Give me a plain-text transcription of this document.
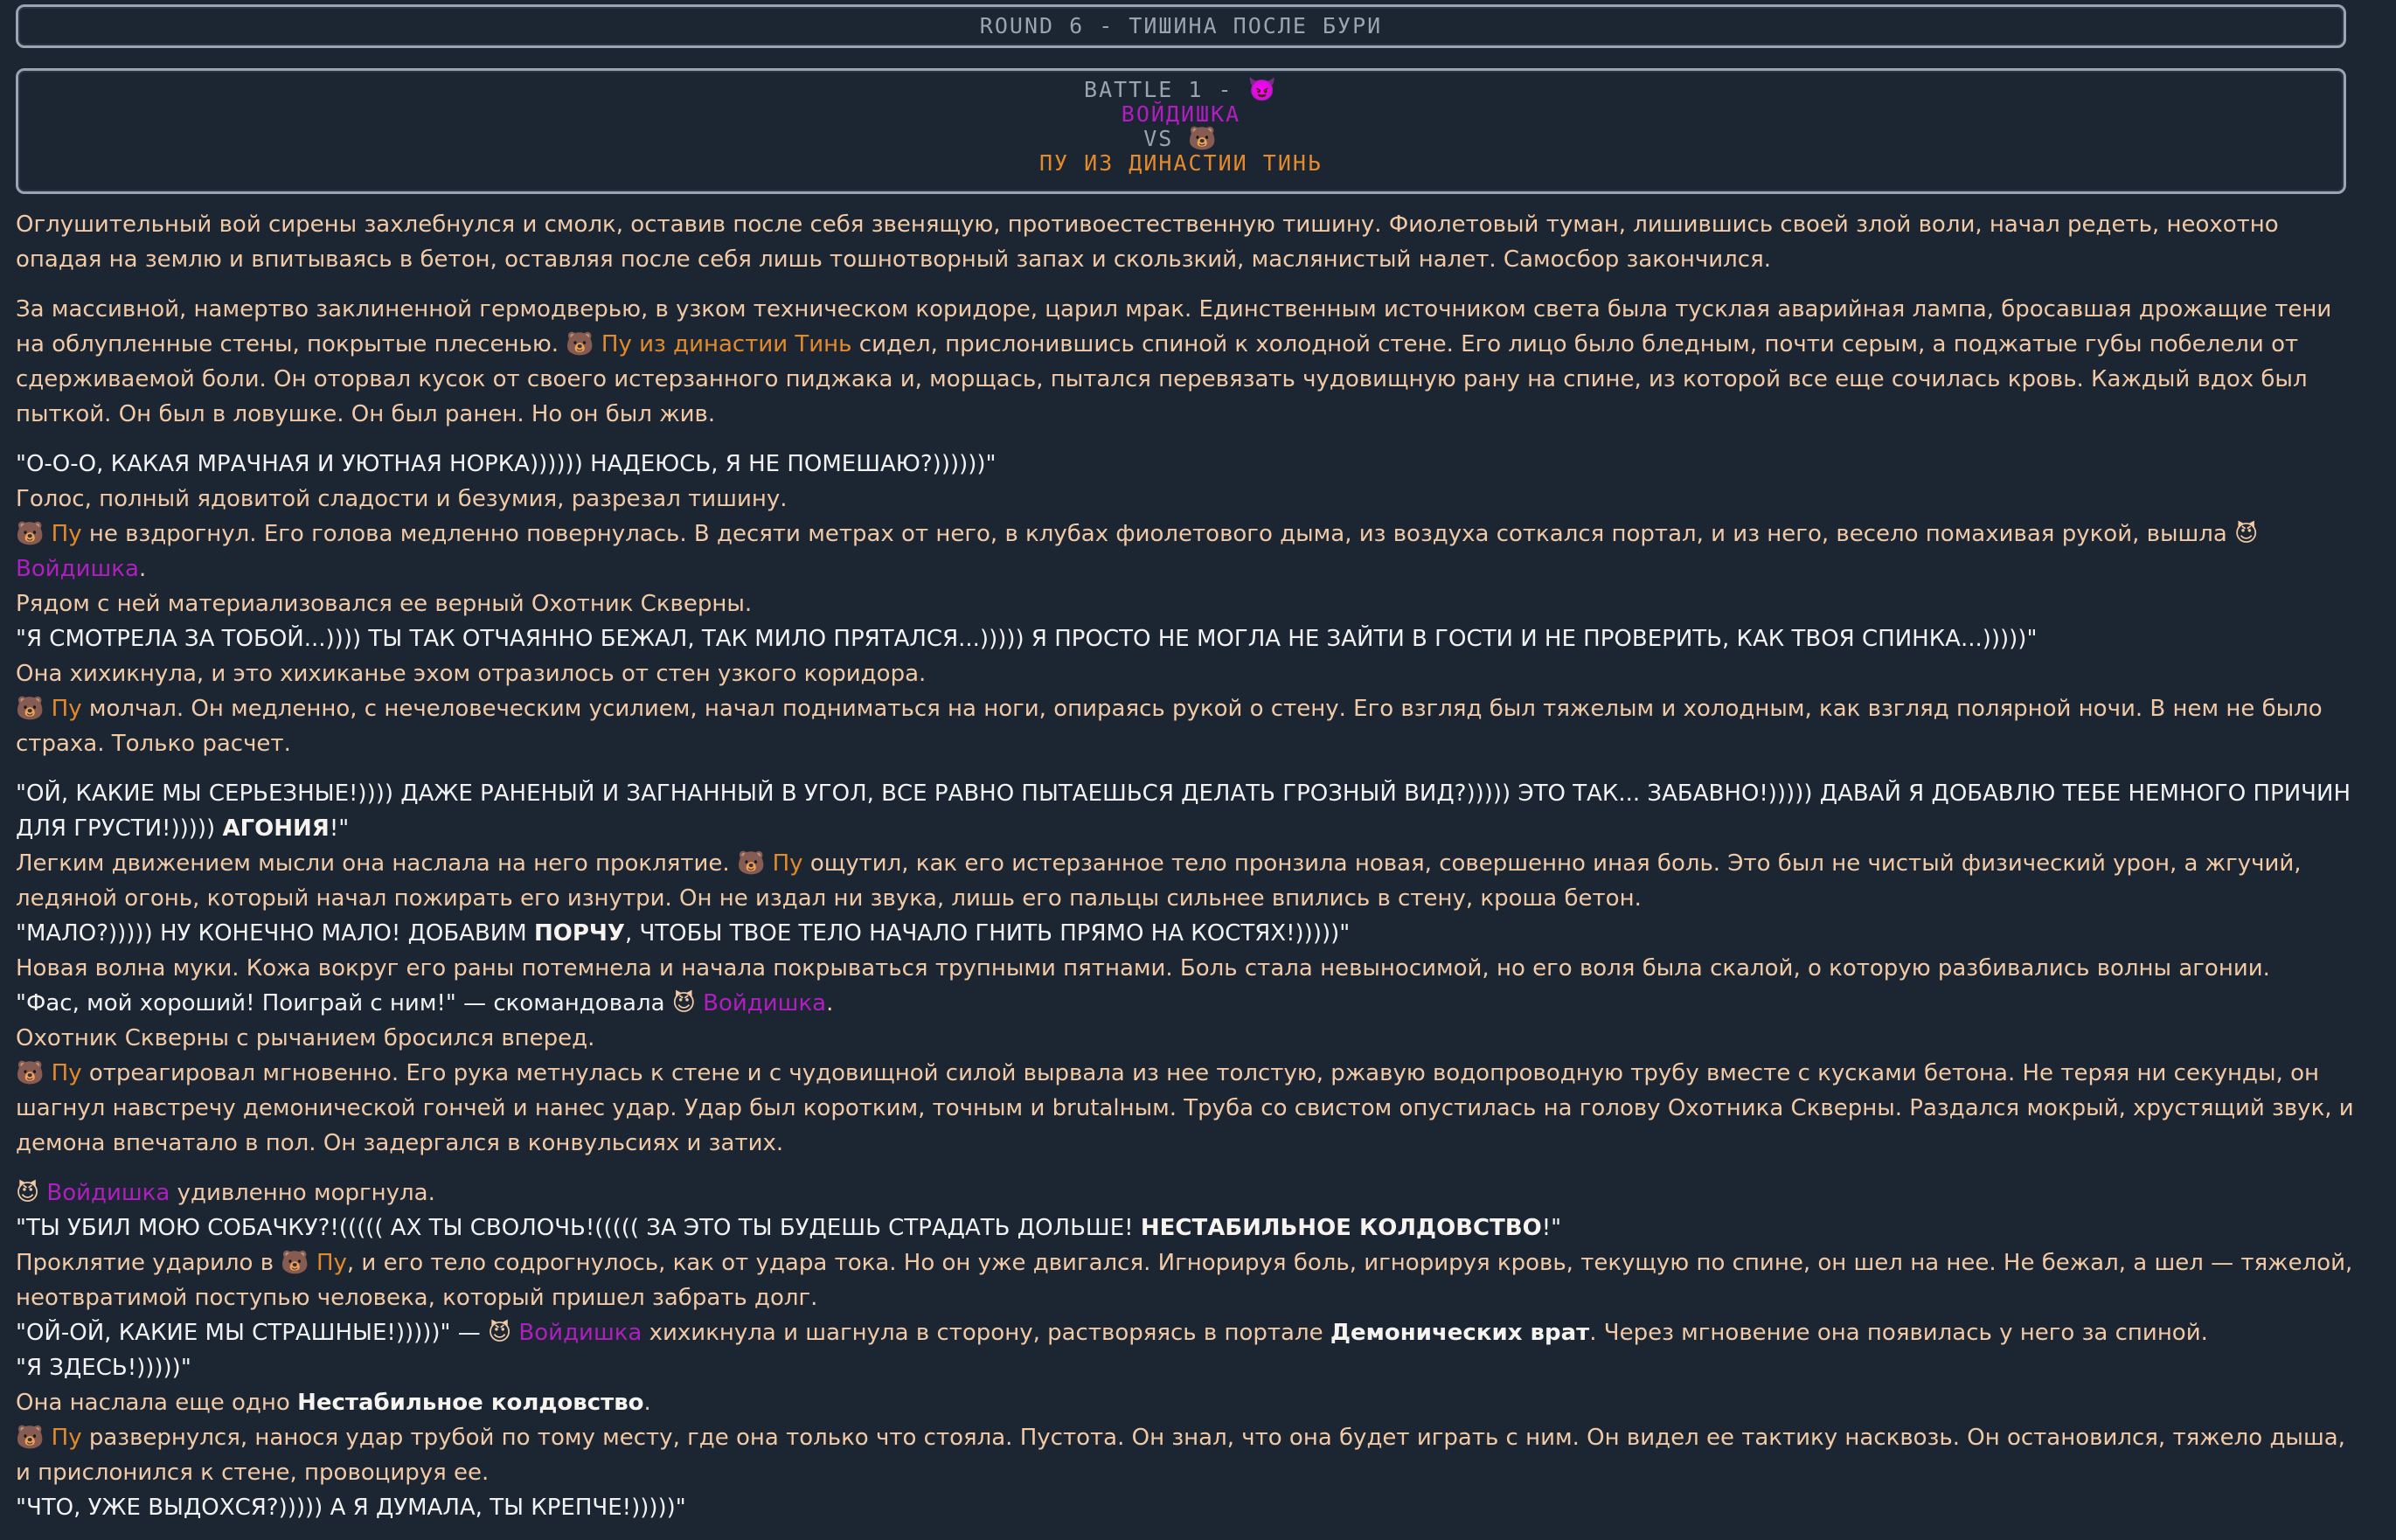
ROUND 6 - ТИШИНА ПОСЛЕ БУРИ
BATTLE 1 - 😈
ВОЙДИШКА
VS 🐻
ПУ ИЗ ДИНАСТИИ ТИНЬ

Оглушительный вой сирены захлебнулся и смолк, оставив после себя звенящую, противоестественную тишину. Фиолетовый туман, лишившись своей злой воли, начал редеть, неохотно опадая на землю и впитываясь в бетон, оставляя после себя лишь тошнотворный запах и скользкий, маслянистый налет. Самосбор закончился.

За массивной, намертво заклиненной гермодверью, в узком техническом коридоре, царил мрак. Единственным источником света была тусклая аварийная лампа, бросавшая дрожащие тени на облупленные стены, покрытые плесенью. 🐻 Пу из династии Тинь сидел, прислонившись спиной к холодной стене. Его лицо было бледным, почти серым, а поджатые губы побелели от сдерживаемой боли. Он оторвал кусок от своего истерзанного пиджака и, морщась, пытался перевязать чудовищную рану на спине, из которой все еще сочилась кровь. Каждый вдох был пыткой. Он был в ловушке. Он был ранен. Но он был жив.

"О-О-О, КАКАЯ МРАЧНАЯ И УЮТНАЯ НОРКА)))))) НАДЕЮСЬ, Я НЕ ПОМЕШАЮ?))))))"
Голос, полный ядовитой сладости и безумия, разрезал тишину.
🐻 Пу не вздрогнул. Его голова медленно повернулась. В десяти метрах от него, в клубах фиолетового дыма, из воздуха соткался портал, и из него, весело помахивая рукой, вышла 😈 Войдишка.
Рядом с ней материализовался ее верный Охотник Скверны.
"Я СМОТРЕЛА ЗА ТОБОЙ...)))) ТЫ ТАК ОТЧАЯННО БЕЖАЛ, ТАК МИЛО ПРЯТАЛСЯ...))))) Я ПРОСТО НЕ МОГЛА НЕ ЗАЙТИ В ГОСТИ И НЕ ПРОВЕРИТЬ, КАК ТВОЯ СПИНКА...)))))"
Она хихикнула, и это хихиканье эхом отразилось от стен узкого коридора.
🐻 Пу молчал. Он медленно, с нечеловеческим усилием, начал подниматься на ноги, опираясь рукой о стену. Его взгляд был тяжелым и холодным, как взгляд полярной ночи. В нем не было страха. Только расчет.

"ОЙ, КАКИЕ МЫ СЕРЬЕЗНЫЕ!)))) ДАЖЕ РАНЕНЫЙ И ЗАГНАННЫЙ В УГОЛ, ВСЕ РАВНО ПЫТАЕШЬСЯ ДЕЛАТЬ ГРОЗНЫЙ ВИД?))))) ЭТО ТАК... ЗАБАВНО!))))) ДАВАЙ Я ДОБАВЛЮ ТЕБЕ НЕМНОГО ПРИЧИН ДЛЯ ГРУСТИ!))))) АГОНИЯ!"
Легким движением мысли она наслала на него проклятие. 🐻 Пу ощутил, как его истерзанное тело пронзила новая, совершенно иная боль. Это был не чистый физический урон, а жгучий, ледяной огонь, который начал пожирать его изнутри. Он не издал ни звука, лишь его пальцы сильнее впились в стену, кроша бетон.
"МАЛО?))))) НУ КОНЕЧНО МАЛО! ДОБАВИМ ПОРЧУ, ЧТОБЫ ТВОЕ ТЕЛО НАЧАЛО ГНИТЬ ПРЯМО НА КОСТЯХ!)))))"
Новая волна муки. Кожа вокруг его раны потемнела и начала покрываться трупными пятнами. Боль стала невыносимой, но его воля была скалой, о которую разбивались волны агонии.
"Фас, мой хороший! Поиграй с ним!" — скомандовала 😈 Войдишка.
Охотник Скверны с рычанием бросился вперед.
🐻 Пу отреагировал мгновенно. Его рука метнулась к стене и с чудовищной силой вырвала из нее толстую, ржавую водопроводную трубу вместе с кусками бетона. Не теряя ни секунды, он шагнул навстречу демонической гончей и нанес удар. Удар был коротким, точным и brutalным. Труба со свистом опустилась на голову Охотника Скверны. Раздался мокрый, хрустящий звук, и демона впечатало в пол. Он задергался в конвульсиях и затих.

😈 Войдишка удивленно моргнула.
"ТЫ УБИЛ МОЮ СОБАЧКУ?!((((( АХ ТЫ СВОЛОЧЬ!((((( ЗА ЭТО ТЫ БУДЕШЬ СТРАДАТЬ ДОЛЬШЕ! НЕСТАБИЛЬНОЕ КОЛДОВСТВО!"
Проклятие ударило в 🐻 Пу, и его тело содрогнулось, как от удара тока. Но он уже двигался. Игнорируя боль, игнорируя кровь, текущую по спине, он шел на нее. Не бежал, а шел — тяжелой, неотвратимой поступью человека, который пришел забрать долг.
"ОЙ-ОЙ, КАКИЕ МЫ СТРАШНЫЕ!)))))" — 😈 Войдишка хихикнула и шагнула в сторону, растворяясь в портале Демонических врат. Через мгновение она появилась у него за спиной.
"Я ЗДЕСЬ!)))))"
Она наслала еще одно Нестабильное колдовство.
🐻 Пу развернулся, нанося удар трубой по тому месту, где она только что стояла. Пустота. Он знал, что она будет играть с ним. Он видел ее тактику насквозь. Он остановился, тяжело дыша, и прислонился к стене, провоцируя ее.
"ЧТО, УЖЕ ВЫДОХСЯ?))))) А Я ДУМАЛА, ТЫ КРЕПЧЕ!)))))"
